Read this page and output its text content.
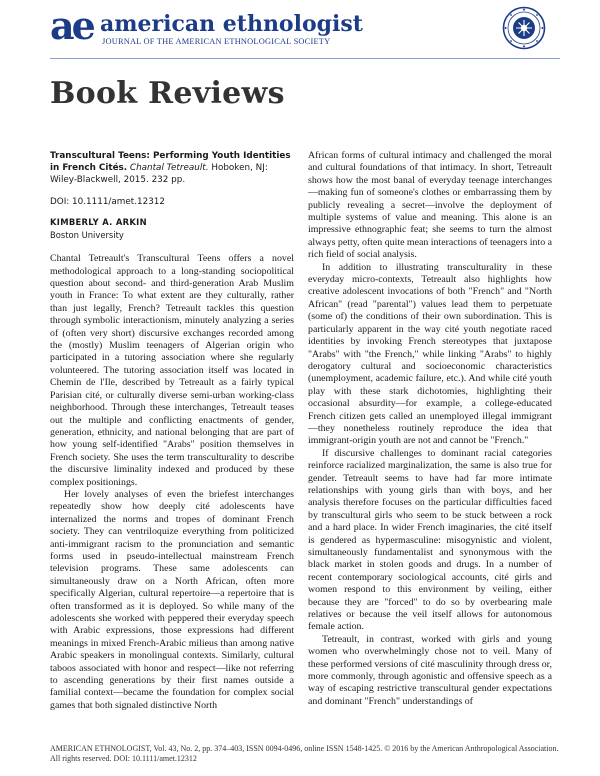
ae american ethnologist
JOURNAL OF THE AMERICAN ETHNOLOGICAL SOCIETY
Book Reviews

Transcultural Teens: Performing Youth Identities in French Cités. Chantal Tetreault. Hoboken, NJ: Wiley-Blackwell, 2015. 232 pp.

DOI: 10.1111/amet.12312
KIMBERLY A. ARKIN
Boston University

Chantal Tetreault's Transcultural Teens offers a novel methodological approach to a long-standing sociopolitical question about second- and third-generation Arab Muslim youth in France: To what extent are they culturally, rather than just legally, French? Tetreault tackles this question through symbolic interactionism, minutely analyzing a series of (often very short) discursive exchanges recorded among the (mostly) Muslim teenagers of Algerian origin who participated in a tutoring association where she regularly volunteered. The tutoring association itself was located in Chemin de l'Ile, described by Tetreault as a fairly typical Parisian cité, or culturally diverse semi-urban working-class neighborhood. Through these interchanges, Tetreault teases out the multiple and conflicting enactments of gender, generation, ethnicity, and national belonging that are part of how young self-identified "Arabs" position themselves in French society. She uses the term transculturality to describe the discursive liminality indexed and produced by these complex positionings.

Her lovely analyses of even the briefest interchanges repeatedly show how deeply cité adolescents have internalized the norms and tropes of dominant French society. They can ventriloquize everything from politicized anti-immigrant racism to the pronunciation and semantic forms used in pseudo-intellectual mainstream French television programs. These same adolescents can simultaneously draw on a North African, often more specifically Algerian, cultural repertoire—a repertoire that is often transformed as it is deployed. So while many of the adolescents she worked with peppered their everyday speech with Arabic expressions, those expressions had different meanings in mixed French-Arabic milieus than among native Arabic speakers in monolingual contexts. Similarly, cultural taboos associated with honor and respect—like not referring to ascending generations by their first names outside a familial context—became the foundation for complex social games that both signaled distinctive North

African forms of cultural intimacy and challenged the moral and cultural foundations of that intimacy. In short, Tetreault shows how the most banal of everyday teenage interchanges—making fun of someone's clothes or embarrassing them by publicly revealing a secret—involve the deployment of multiple systems of value and meaning. This alone is an impressive ethnographic feat; she seems to turn the almost always petty, often quite mean interactions of teenagers into a rich field of social analysis.

In addition to illustrating transculturality in these everyday micro-contexts, Tetreault also highlights how creative adolescent invocations of both "French" and "North African" (read "parental") values lead them to perpetuate (some of) the conditions of their own subordination. This is particularly apparent in the way cité youth negotiate raced identities by invoking French stereotypes that juxtapose "Arabs" with "the French," while linking "Arabs" to highly derogatory cultural and socioeconomic characteristics (unemployment, academic failure, etc.). And while cité youth play with these stark dichotomies, highlighting their occasional absurdity—for example, a college-educated French citizen gets called an unemployed illegal immigrant—they nonetheless routinely reproduce the idea that immigrant-origin youth are not and cannot be "French."

If discursive challenges to dominant racial categories reinforce racialized marginalization, the same is also true for gender. Tetreault seems to have had far more intimate relationships with young girls than with boys, and her analysis therefore focuses on the particular difficulties faced by transcultural girls who seem to be stuck between a rock and a hard place. In wider French imaginaries, the cité itself is gendered as hypermasculine: misogynistic and violent, simultaneously fundamentalist and synonymous with the black market in stolen goods and drugs. In a number of recent contemporary sociological accounts, cité girls and women respond to this environment by veiling, either because they are "forced" to do so by overbearing male relatives or because the veil itself allows for autonomous female action.

Tetreault, in contrast, worked with girls and young women who overwhelmingly chose not to veil. Many of these performed versions of cité masculinity through dress or, more commonly, through agonistic and offensive speech as a way of escaping restrictive transcultural gender expectations and dominant "French" understandings of

AMERICAN ETHNOLOGIST, Vol. 43, No. 2, pp. 374–403, ISSN 0094-0496, online ISSN 1548-1425. © 2016 by the American Anthropological Association.
All rights reserved. DOI: 10.1111/amet.12312
